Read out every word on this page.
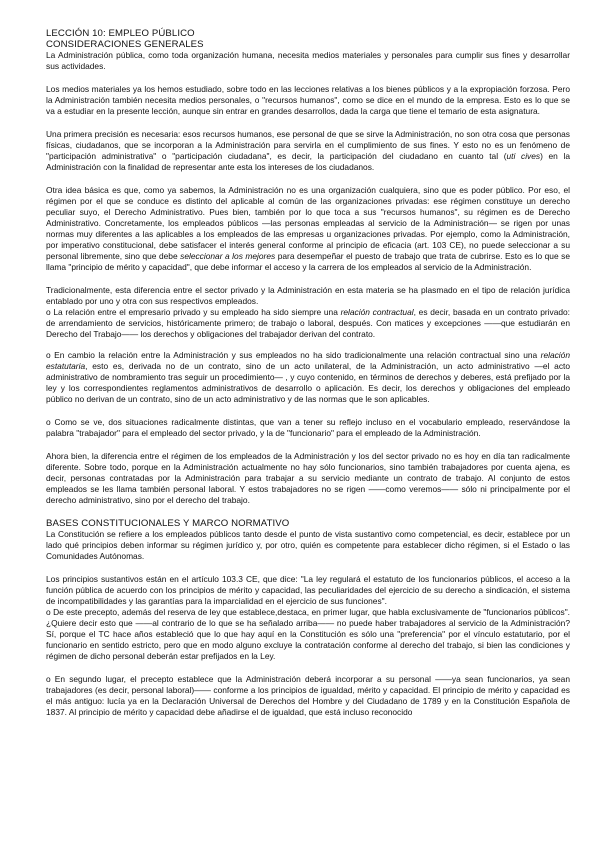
LECCIÓN 10: EMPLEO PÚBLICO
CONSIDERACIONES GENERALES

La Administración pública, como toda organización humana, necesita medios materiales y personales para cumplir sus fines y desarrollar sus actividades.

Los medios materiales ya los hemos estudiado, sobre todo en las lecciones relativas a los bienes públicos y a la expropiación forzosa. Pero la Administración también necesita medios personales, o "recursos humanos", como se dice en el mundo de la empresa. Esto es lo que se va a estudiar en la presente lección, aunque sin entrar en grandes desarrollos, dada la carga que tiene el temario de esta asignatura.

Una primera precisión es necesaria: esos recursos humanos, ese personal de que se sirve la Administración, no son otra cosa que personas físicas, ciudadanos, que se incorporan a la Administración para servirla en el cumplimiento de sus fines. Y esto no es un fenómeno de "participación administrativa" o "participación ciudadana", es decir, la participación del ciudadano en cuanto tal (uti cives) en la Administración con la finalidad de representar ante esta los intereses de los ciudadanos.

Otra idea básica es que, como ya sabemos, la Administración no es una organización cualquiera, sino que es poder público. Por eso, el régimen por el que se conduce es distinto del aplicable al común de las organizaciones privadas: ese régimen constituye un derecho peculiar suyo, el Derecho Administrativo. Pues bien, también por lo que toca a sus "recursos humanos", su régimen es de Derecho Administrativo. Concretamente, los empleados públicos —las personas empleadas al servicio de la Administración— se rigen por unas normas muy diferentes a las aplicables a los empleados de las empresas u organizaciones privadas. Por ejemplo, como la Administración, por imperativo constitucional, debe satisfacer el interés general conforme al principio de eficacia (art. 103 CE), no puede seleccionar a su personal libremente, sino que debe seleccionar a los mejores para desempeñar el puesto de trabajo que trata de cubrirse. Esto es lo que se llama "principio de mérito y capacidad", que debe informar el acceso y la carrera de los empleados al servicio de la Administración.

Tradicionalmente, esta diferencia entre el sector privado y la Administración en esta materia se ha plasmado en el tipo de relación jurídica entablado por uno y otra con sus respectivos empleados.
o La relación entre el empresario privado y su empleado ha sido siempre una relación contractual, es decir, basada en un contrato privado: de arrendamiento de servicios, históricamente primero; de trabajo o laboral, después. Con matices y excepciones ——que estudiarán en Derecho del Trabajo—— los derechos y obligaciones del trabajador derivan del contrato.

o En cambio la relación entre la Administración y sus empleados no ha sido tradicionalmente una relación contractual sino una relación estatutaria, esto es, derivada no de un contrato, sino de un acto unilateral, de la Administración, un acto administrativo —el acto administrativo de nombramiento tras seguir un procedimiento— , y cuyo contenido, en términos de derechos y deberes, está prefijado por la ley y los correspondientes reglamentos administrativos de desarrollo o aplicación. Es decir, los derechos y obligaciones del empleado público no derivan de un contrato, sino de un acto administrativo y de las normas que le son aplicables.

o Como se ve, dos situaciones radicalmente distintas, que van a tener su reflejo incluso en el vocabulario empleado, reservándose la palabra "trabajador" para el empleado del sector privado, y la de "funcionario" para el empleado de la Administración.

Ahora bien, la diferencia entre el régimen de los empleados de la Administración y los del sector privado no es hoy en día tan radicalmente diferente. Sobre todo, porque en la Administración actualmente no hay sólo funcionarios, sino también trabajadores por cuenta ajena, es decir, personas contratadas por la Administración para trabajar a su servicio mediante un contrato de trabajo. Al conjunto de estos empleados se les llama también personal laboral. Y estos trabajadores no se rigen ——como veremos—— sólo ni principalmente por el derecho administrativo, sino por el derecho del trabajo.

BASES CONSTITUCIONALES Y MARCO NORMATIVO

La Constitución se refiere a los empleados públicos tanto desde el punto de vista sustantivo como competencial, es decir, establece por un lado qué principios deben informar su régimen jurídico y, por otro, quién es competente para establecer dicho régimen, si el Estado o las Comunidades Autónomas.

Los principios sustantivos están en el artículo 103.3 CE, que dice: "La ley regulará el estatuto de los funcionarios públicos, el acceso a la función pública de acuerdo con los principios de mérito y capacidad, las peculiaridades del ejercicio de su derecho a sindicación, el sistema de incompatibilidades y las garantías para la imparcialidad en el ejercicio de sus funciones".
o De este precepto, además del reserva de ley que establece,destaca, en primer lugar, que habla exclusivamente de "funcionarios públicos". ¿Quiere decir esto que ——al contrario de lo que se ha señalado arriba—— no puede haber trabajadores al servicio de la Administración? Sí, porque el TC hace años estableció que lo que hay aquí en la Constitución es sólo una "preferencia" por el vínculo estatutario, por el funcionario en sentido estricto, pero que en modo alguno excluye la contratación conforme al derecho del trabajo, si bien las condiciones y régimen de dicho personal deberán estar prefijados en la Ley.

o En segundo lugar, el precepto establece que la Administración deberá incorporar a su personal ——ya sean funcionarios, ya sean trabajadores (es decir, personal laboral)—— conforme a los principios de igualdad, mérito y capacidad. El principio de mérito y capacidad es el más antiguo: lucía ya en la Declaración Universal de Derechos del Hombre y del Ciudadano de 1789 y en la Constitución Española de 1837. Al principio de mérito y capacidad debe añadirse el de igualdad, que está incluso reconocido
